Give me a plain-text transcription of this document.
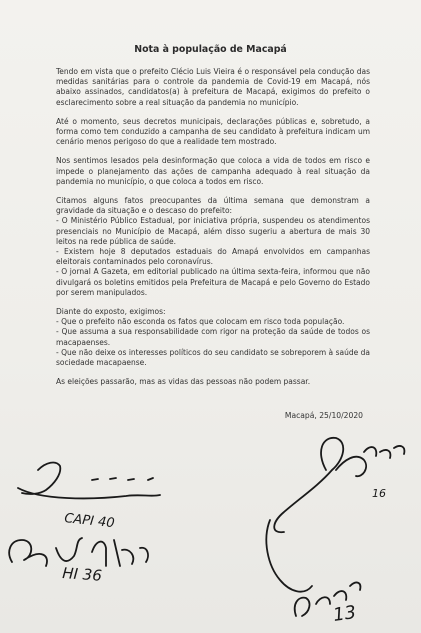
Nota à população de Macapá

Tendo em vista que o prefeito Clécio Luis Vieira é o responsável pela condução das medidas sanitárias para o controle da pandemia de Covid-19 em Macapá, nós abaixo assinados, candidatos(a) à prefeitura de Macapá, exigimos do prefeito o esclarecimento sobre a real situação da pandemia no município.

Até o momento, seus decretos municipais, declarações públicas e, sobretudo, a forma como tem conduzido a campanha de seu candidato à prefeitura indicam um cenário menos perigoso do que a realidade tem mostrado.

Nos sentimos lesados pela desinformação que coloca a vida de todos em risco e impede o planejamento das ações de campanha adequado à real situação da pandemia no município, o que coloca a todos em risco.

Citamos alguns fatos preocupantes da última semana que demonstram a gravidade da situação e o descaso do prefeito:
- O Ministério Público Estadual, por iniciativa própria, suspendeu os atendimentos presenciais no Município de Macapá, além disso sugeriu a abertura de mais 30 leitos na rede pública de saúde.
- Existem hoje 8 deputados estaduais do Amapá envolvidos em campanhas eleitorais contaminados pelo coronavírus.
- O jornal A Gazeta, em editorial publicado na última sexta-feira, informou que não divulgará os boletins emitidos pela Prefeitura de Macapá e pelo Governo do Estado por serem manipulados.
Diante do exposto, exigimos:
- Que o prefeito não esconda os fatos que colocam em risco toda população.
- Que assuma a sua responsabilidade com rigor na proteção da saúde de todos os macapaenses.
- Que não deixe os interesses políticos do seu candidato se sobreporem à saúde da sociedade macapaense.

As eleições passarão, mas as vidas das pessoas não podem passar.

Macapá, 25/10/2020
CAPI 40
HI 36
16
13
